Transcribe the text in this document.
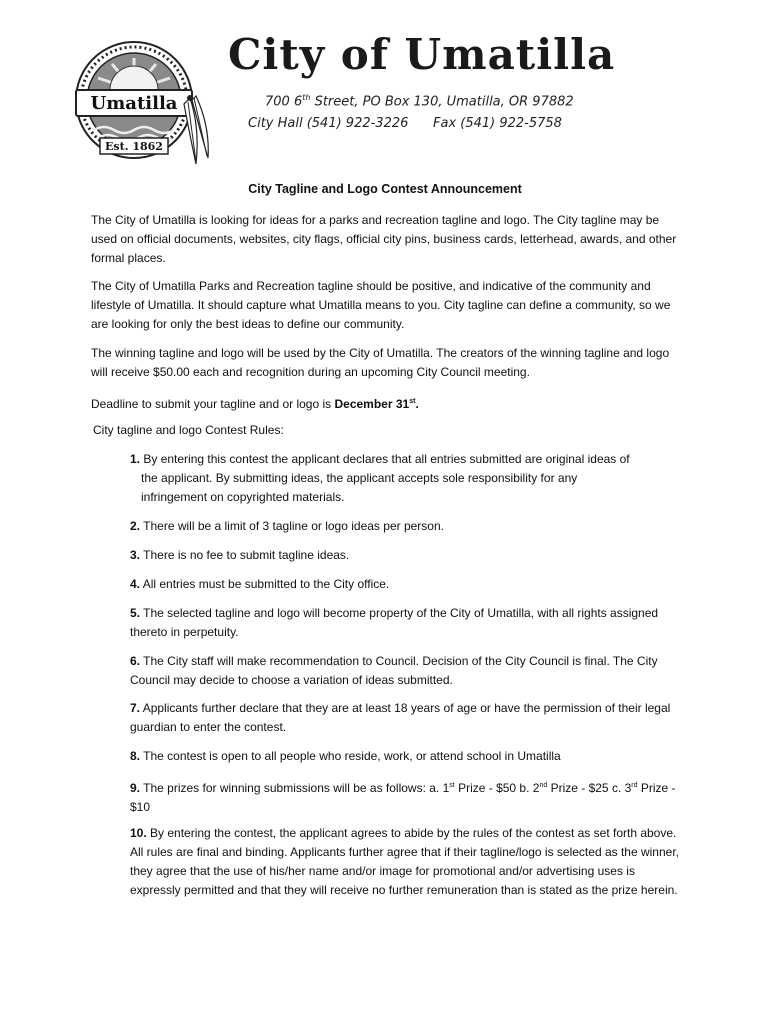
Umatilla
Est. 1862
City of Umatilla
700 6th Street, PO Box 130, Umatilla, OR 97882
City Hall (541) 922-3226 Fax (541) 922-5758
City Tagline and Logo Contest Announcement

The City of Umatilla is looking for ideas for a parks and recreation tagline and logo. The City tagline may be used on official documents, websites, city flags, official city pins, business cards, letterhead, awards, and other formal places.

The City of Umatilla Parks and Recreation tagline should be positive, and indicative of the community and lifestyle of Umatilla. It should capture what Umatilla means to you. City tagline can define a community, so we are looking for only the best ideas to define our community.

The winning tagline and logo will be used by the City of Umatilla. The creators of the winning tagline and logo will receive $50.00 each and recognition during an upcoming City Council meeting.

Deadline to submit your tagline and or logo is December 31st.

City tagline and logo Contest Rules:

1. By entering this contest the applicant declares that all entries submitted are original ideas of
the applicant. By submitting ideas, the applicant accepts sole responsibility for any
infringement on copyrighted materials.
2. There will be a limit of 3 tagline or logo ideas per person.
3. There is no fee to submit tagline ideas.
4. All entries must be submitted to the City office.
5. The selected tagline and logo will become property of the City of Umatilla, with all rights assigned thereto in perpetuity.
6. The City staff will make recommendation to Council. Decision of the City Council is final. The City Council may decide to choose a variation of ideas submitted.
7. Applicants further declare that they are at least 18 years of age or have the permission of their legal guardian to enter the contest.
8. The contest is open to all people who reside, work, or attend school in Umatilla
9. The prizes for winning submissions will be as follows: a. 1st Prize - $50 b. 2nd Prize - $25 c. 3rd Prize - $10
10. By entering the contest, the applicant agrees to abide by the rules of the contest as set forth above. All rules are final and binding. Applicants further agree that if their tagline/logo is selected as the winner, they agree that the use of his/her name and/or image for promotional and/or advertising uses is expressly permitted and that they will receive no further remuneration than is stated as the prize herein.
